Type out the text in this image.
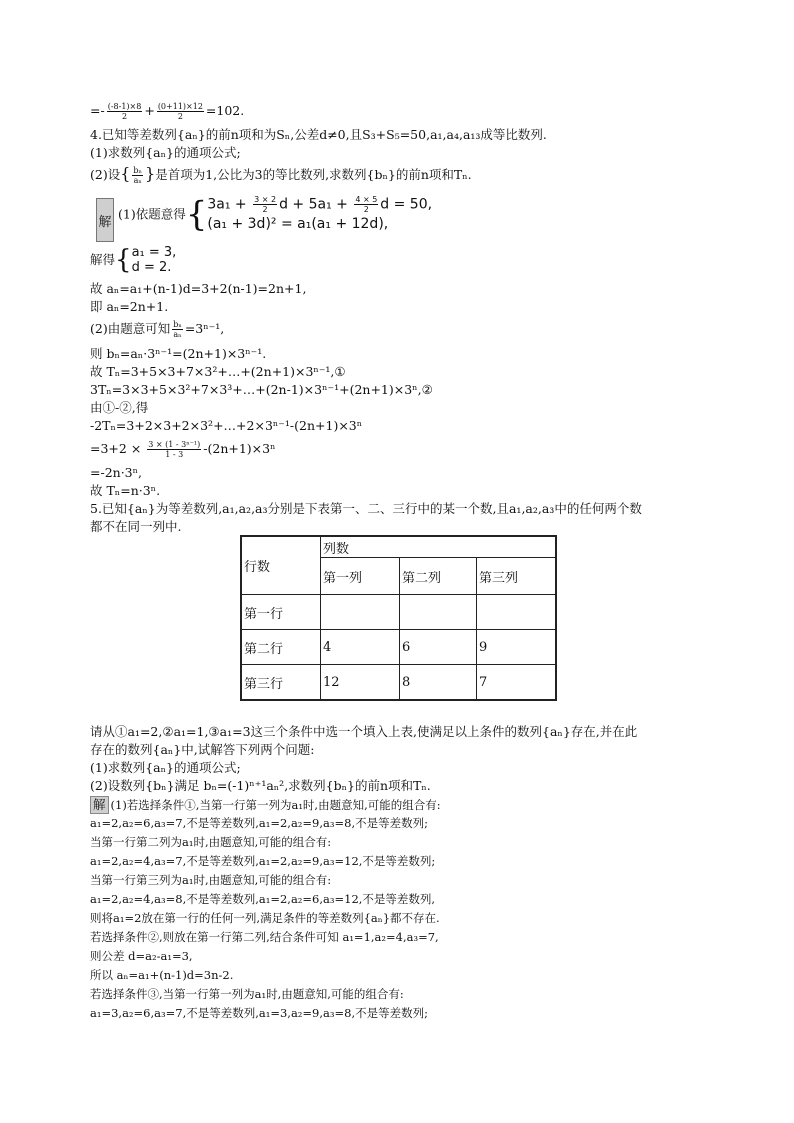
=- $\frac{(-8-1)\times 8}{2} + \frac{(0+11)\times 12}{2} =102$.
4.已知等差数列{aₙ}的前n项和为Sₙ,公差d≠0,且S₃+S₅=50,a₁,a₄,a₁₃成等比数列.
(1)求数列{aₙ}的通项公式;
(2)设{ $\frac{\text{bₙ}}{\text{aₙ}}$ }是首项为1,公比为3的等比数列,求数列{bₙ}的前n项和Tₙ.
解
(1)依题意得{ $3a_1 + \frac{3 \times 2}{2}$ $d + 5a_1 + \frac{4 \times 5}{2}$ d = 50,
(a₁ + 3d)² = a₁(a₁ + 12d),
解得{ a₁ = 3,
d = 2.
故 aₙ=a₁+(n-1)d=3+2(n-1)=2n+1,
即 aₙ=2n+1.
(2)由题意可知 $\frac{\text{bₙ}}{\text{aₙ}} =3^{n-1}$,
则 bₙ=aₙ·3ⁿ⁻¹=(2n+1)×3ⁿ⁻¹.
故 Tₙ=3+5×3+7×3²+…+(2n+1)×3ⁿ⁻¹,①
3Tₙ=3×3+5×3²+7×3³+…+(2n-1)×3ⁿ⁻¹+(2n+1)×3ⁿ,②
由①-②,得
-2Tₙ=3+2×3+2×3²+…+2×3ⁿ⁻¹-(2n+1)×3ⁿ
$=3+2 \times \frac{\text{3 × (1 - 3ⁿ⁻¹)}}{1 - 3} -(2n+1)\times 3^n$
=-2n·3ⁿ,
故 Tₙ=n·3ⁿ.
5.已知{aₙ}为等差数列,a₁,a₂,a₃分别是下表第一、二、三行中的某一个数,且a₁,a₂,a₃中的任何两个数
都不在同一列中.
行数	列数		
	第一列	第二列	第三列
第一行			
第二行	4	6	9
第三行	12	8	7
请从①a₁=2,②a₁=1,③a₁=3这三个条件中选一个填入上表,使满足以上条件的数列{aₙ}存在,并在此
存在的数列{aₙ}中,试解答下列两个问题:
(1)求数列{aₙ}的通项公式;
(2)设数列{bₙ}满足 bₙ=(-1)ⁿ⁺¹aₙ²,求数列{bₙ}的前n项和Tₙ.
解 (1)若选择条件①,当第一行第一列为a₁时,由题意知,可能的组合有:
a₁=2,a₂=6,a₃=7,不是等差数列,a₁=2,a₂=9,a₃=8,不是等差数列;
当第一行第二列为a₁时,由题意知,可能的组合有:
a₁=2,a₂=4,a₃=7,不是等差数列,a₁=2,a₂=9,a₃=12,不是等差数列;
当第一行第三列为a₁时,由题意知,可能的组合有:
a₁=2,a₂=4,a₃=8,不是等差数列,a₁=2,a₂=6,a₃=12,不是等差数列,
则将a₁=2放在第一行的任何一列,满足条件的等差数列{aₙ}都不存在.
若选择条件②,则放在第一行第二列,结合条件可知 a₁=1,a₂=4,a₃=7,
则公差 d=a₂-a₁=3,
所以 aₙ=a₁+(n-1)d=3n-2.
若选择条件③,当第一行第一列为a₁时,由题意知,可能的组合有:
a₁=3,a₂=6,a₃=7,不是等差数列,a₁=3,a₂=9,a₃=8,不是等差数列;
